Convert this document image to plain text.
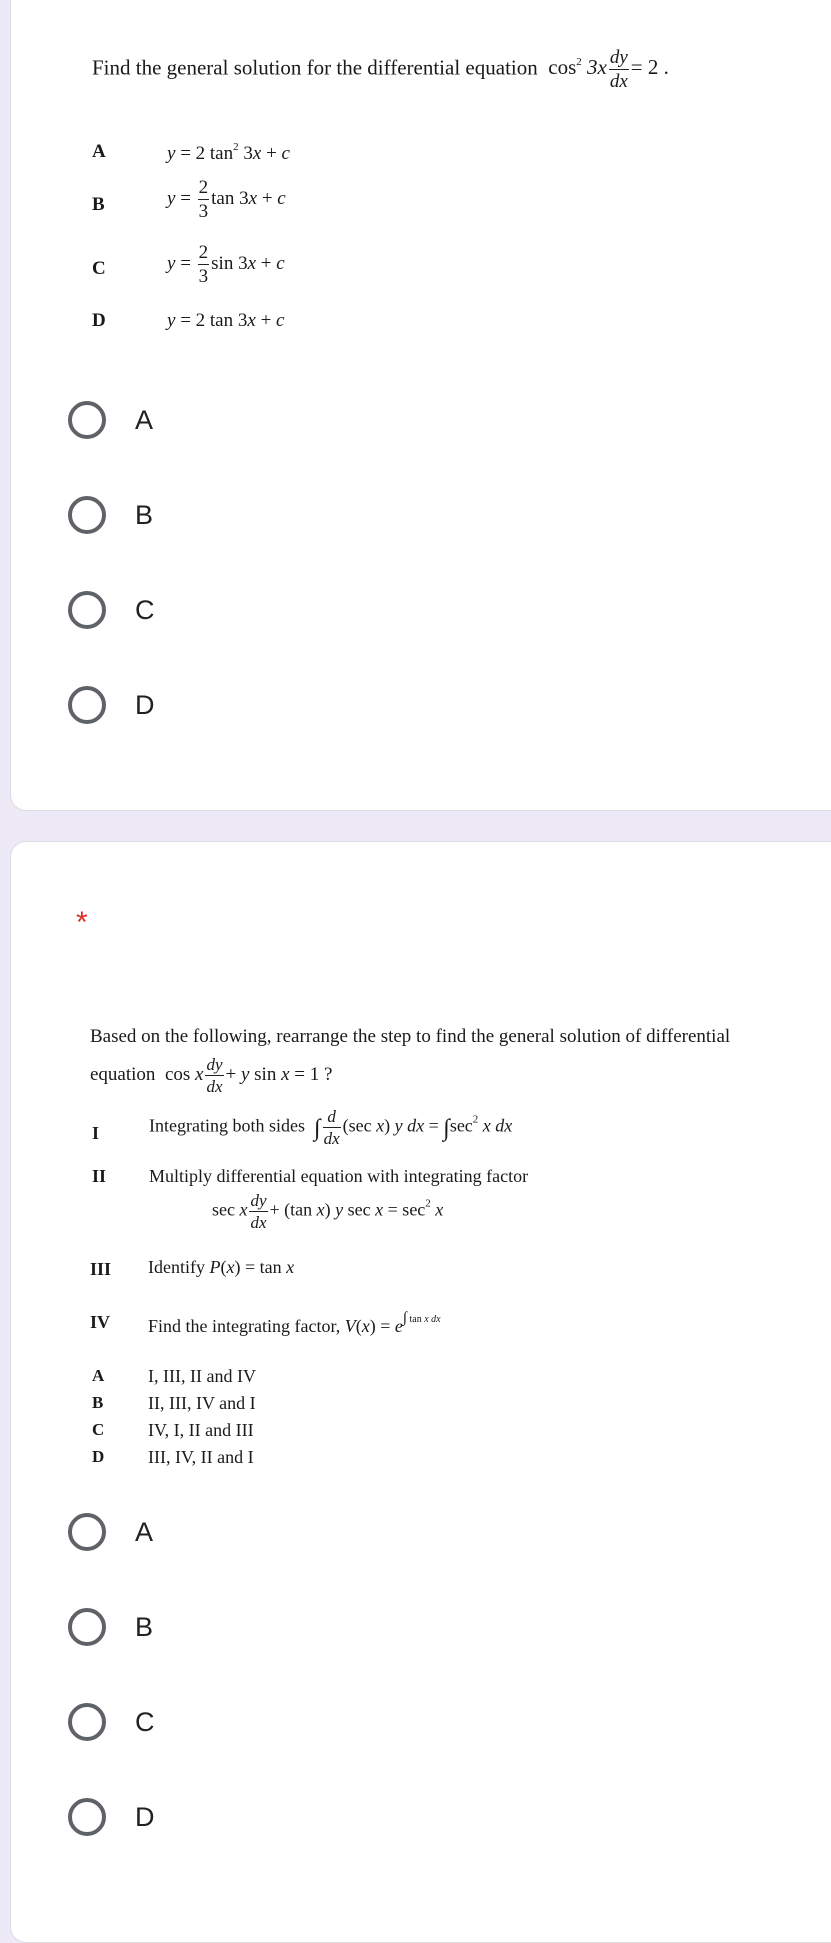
Find the general solution for the differential equation $\cos^2 3x \frac{dy}{dx} = 2$ .
A	y = 2 $\tan^2 3x + c$
B	$y = \frac{2}{3}$ tan 3x + c
C	$y = \frac{2}{3}$ sin 3x + c
D	y = 2 tan 3x + c
A
B
C
D
*
Based on the following, rearrange the step to find the general solution of differential
equation  cos x $\frac{dy}{dx} + y$ sin x = 1 ?
I	Integrating both sides ∫ $\frac{d}{dx} (\sec$ x) y dx = $\int\sec^2$ x dx
II Multiply differential equation with integrating factor
sec x $\frac{dy}{dx} + (\tan$ x) y $\sec x = \sec^2 x$
III Identify P(x) = tan x
IV Find the integrating factor, $V(x) = e^{\int tan x dx}$
A I, III, II and IV
B II, III, IV and I
C IV, I, II and III
D III, IV, II and I
A
B
C
D
